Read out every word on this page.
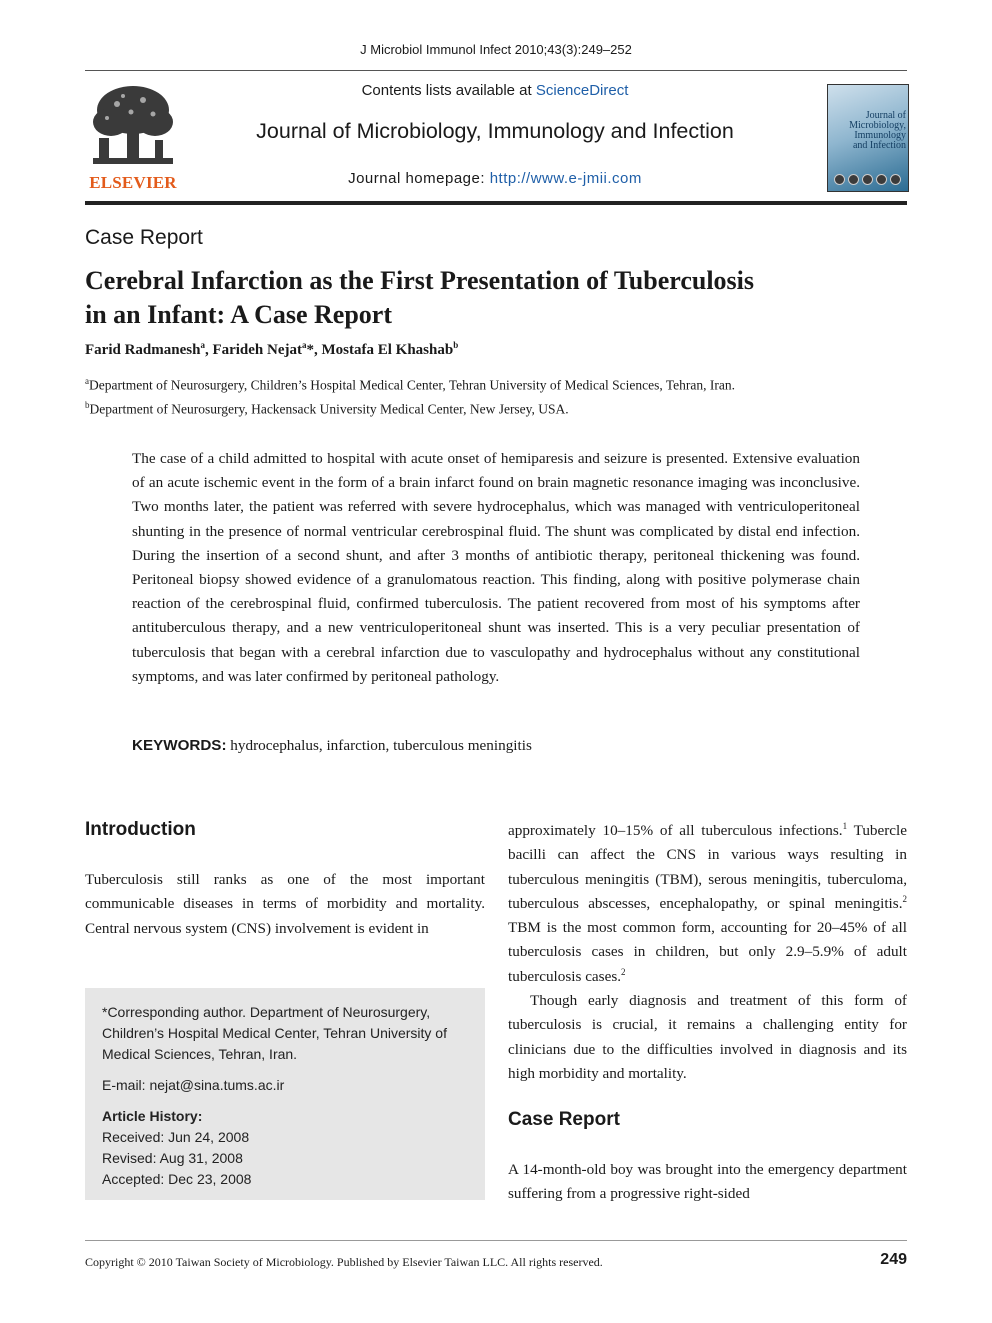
J Microbiol Immunol Infect 2010;43(3):249–252
ELSEVIER
Contents lists available at ScienceDirect
Journal of Microbiology, Immunology and Infection
Journal homepage: http://www.e-jmii.com
Journal of
Microbiology,
Immunology
and Infection
Case Report
Cerebral Infarction as the First Presentation of Tuberculosis
in an Infant: A Case Report
Farid Radmanesh$^a$, Farideh Nejat$^a$*, Mostafa El Khashab$^b$
$^a$Department of Neurosurgery, Children’s Hospital Medical Center, Tehran University of Medical Sciences, Tehran, Iran.
$^b$Department of Neurosurgery, Hackensack University Medical Center, New Jersey, USA.
The case of a child admitted to hospital with acute onset of hemiparesis and seizure is presented. Extensive evaluation of an acute ischemic event in the form of a brain infarct found on brain magnetic resonance imaging was inconclusive. Two months later, the patient was referred with severe hydrocephalus, which was managed with ventriculoperitoneal shunting in the presence of normal ventricular cerebrospinal fluid. The shunt was complicated by distal end infection. During the insertion of a second shunt, and after 3 months of antibiotic therapy, peritoneal thickening was found. Peritoneal biopsy showed evidence of a granulomatous reaction. This finding, along with positive polymerase chain reaction of the cerebrospinal fluid, confirmed tuberculosis. The patient recovered from most of his symptoms after antituberculous therapy, and a new ventriculoperitoneal shunt was inserted. This is a very peculiar presentation of tuberculosis that began with a cerebral infarction due to vasculopathy and hydrocephalus without any constitutional symptoms, and was later confirmed by peritoneal pathology.
KEYWORDS: hydrocephalus, infarction, tuberculous meningitis
Introduction

Tuberculosis still ranks as one of the most important communicable diseases in terms of morbidity and mortality. Central nervous system (CNS) involvement is evident in

*Corresponding author. Department of Neurosurgery, Children’s Hospital Medical Center, Tehran University of Medical Sciences, Tehran, Iran.

E-mail: nejat@sina.tums.ac.ir

Article History:

Received: Jun 24, 2008

Revised: Aug 31, 2008

Accepted: Dec 23, 2008

approximately 10–15% of all tuberculous infections.$^1$ Tubercle bacilli can affect the CNS in various ways resulting in tuberculous meningitis (TBM), serous meningitis, tuberculoma, tuberculous abscesses, encephalopathy, or spinal meningitis.$^2$ TBM is the most common form, accounting for 20–45% of all tuberculosis cases in children, but only 2.9–5.9% of adult tuberculosis cases.$^2$

Though early diagnosis and treatment of this form of tuberculosis is crucial, it remains a challenging entity for clinicians due to the difficulties involved in diagnosis and its high morbidity and mortality.

Case Report

A 14-month-old boy was brought into the emergency department suffering from a progressive right-sided

Copyright © 2010 Taiwan Society of Microbiology. Published by Elsevier Taiwan LLC. All rights reserved.	249
